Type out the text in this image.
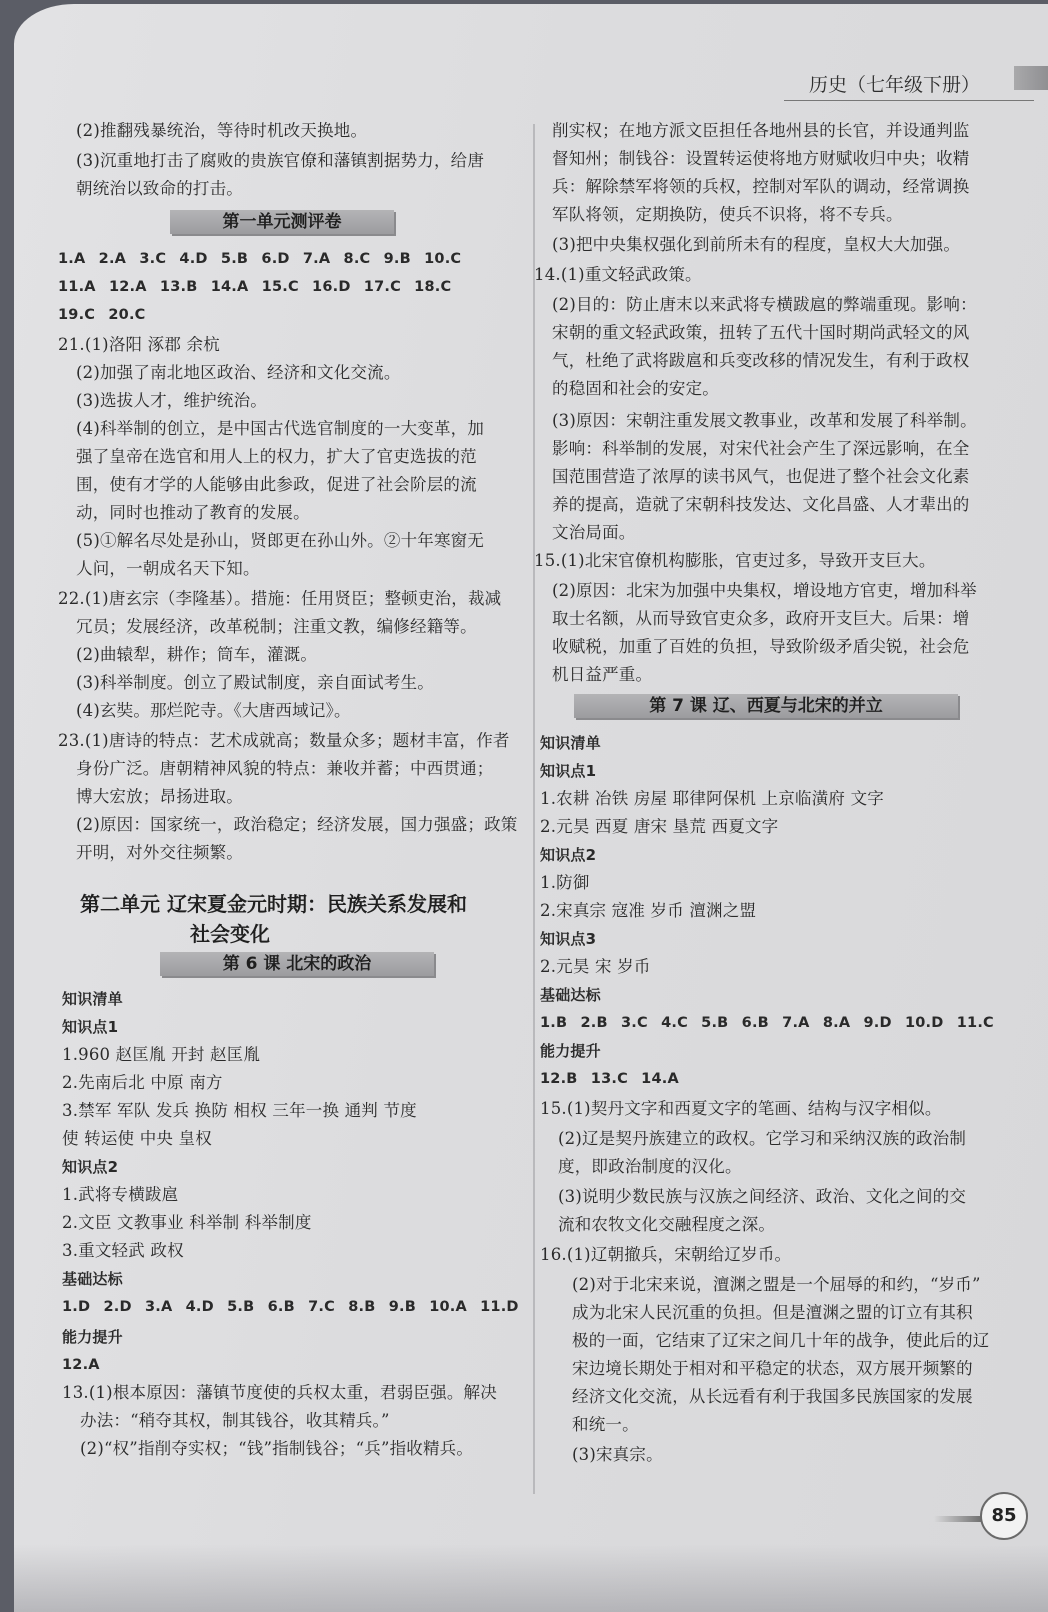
历史（七年级下册）
(2)推翻残暴统治，等待时机改天换地。
(3)沉重地打击了腐败的贵族官僚和藩镇割据势力，给唐
朝统治以致命的打击。
第一单元测评卷
1.A 2.A 3.C 4.D 5.B 6.D 7.A 8.C 9.B 10.C
11.A 12.A 13.B 14.A 15.C 16.D 17.C 18.C
19.C 20.C
21.(1)洛阳 涿郡 余杭
(2)加强了南北地区政治、经济和文化交流。
(3)选拔人才，维护统治。
(4)科举制的创立，是中国古代选官制度的一大变革，加
强了皇帝在选官和用人上的权力，扩大了官吏选拔的范
围，使有才学的人能够由此参政，促进了社会阶层的流
动，同时也推动了教育的发展。
(5)①解名尽处是孙山，贤郎更在孙山外。②十年寒窗无
人问，一朝成名天下知。
22.(1)唐玄宗（李隆基）。措施：任用贤臣；整顿吏治，裁减
冗员；发展经济，改革税制；注重文教，编修经籍等。
(2)曲辕犁，耕作；筒车，灌溉。
(3)科举制度。创立了殿试制度，亲自面试考生。
(4)玄奘。那烂陀寺。《大唐西域记》。
23.(1)唐诗的特点：艺术成就高；数量众多；题材丰富，作者
身份广泛。唐朝精神风貌的特点：兼收并蓄；中西贯通；
博大宏放；昂扬进取。
(2)原因：国家统一，政治稳定；经济发展，国力强盛；政策
开明，对外交往频繁。
第二单元 辽宋夏金元时期：民族关系发展和
社会变化
第 6 课 北宋的政治
知识清单
知识点1
1.960 赵匡胤 开封 赵匡胤
2.先南后北 中原 南方
3.禁军 军队 发兵 换防 相权 三年一换 通判 节度
使 转运使 中央 皇权
知识点2
1.武将专横跋扈
2.文臣 文教事业 科举制 科举制度
3.重文轻武 政权
基础达标
1.D 2.D 3.A 4.D 5.B 6.B 7.C 8.B 9.B 10.A 11.D
能力提升
12.A
13.(1)根本原因：藩镇节度使的兵权太重，君弱臣强。解决
办法：“稍夺其权，制其钱谷，收其精兵。”
(2)“权”指削夺实权；“钱”指制钱谷；“兵”指收精兵。
削实权；在地方派文臣担任各地州县的长官，并设通判监
督知州；制钱谷：设置转运使将地方财赋收归中央；收精
兵：解除禁军将领的兵权，控制对军队的调动，经常调换
军队将领，定期换防，使兵不识将，将不专兵。
(3)把中央集权强化到前所未有的程度，皇权大大加强。
14.(1)重文轻武政策。
(2)目的：防止唐末以来武将专横跋扈的弊端重现。影响：
宋朝的重文轻武政策，扭转了五代十国时期尚武轻文的风
气，杜绝了武将跋扈和兵变改移的情况发生，有利于政权
的稳固和社会的安定。
(3)原因：宋朝注重发展文教事业，改革和发展了科举制。
影响：科举制的发展，对宋代社会产生了深远影响，在全
国范围营造了浓厚的读书风气，也促进了整个社会文化素
养的提高，造就了宋朝科技发达、文化昌盛、人才辈出的
文治局面。
15.(1)北宋官僚机构膨胀，官吏过多，导致开支巨大。
(2)原因：北宋为加强中央集权，增设地方官吏，增加科举
取士名额，从而导致官吏众多，政府开支巨大。后果：增
收赋税，加重了百姓的负担，导致阶级矛盾尖锐，社会危
机日益严重。
第 7 课 辽、西夏与北宋的并立
知识清单
知识点1
1.农耕 冶铁 房屋 耶律阿保机 上京临潢府 文字
2.元昊 西夏 唐宋 垦荒 西夏文字
知识点2
1.防御
2.宋真宗 寇准 岁币 澶渊之盟
知识点3
2.元昊 宋 岁币
基础达标
1.B 2.B 3.C 4.C 5.B 6.B 7.A 8.A 9.D 10.D 11.C
能力提升
12.B 13.C 14.A
15.(1)契丹文字和西夏文字的笔画、结构与汉字相似。
(2)辽是契丹族建立的政权。它学习和采纳汉族的政治制
度，即政治制度的汉化。
(3)说明少数民族与汉族之间经济、政治、文化之间的交
流和农牧文化交融程度之深。
16.(1)辽朝撤兵，宋朝给辽岁币。
(2)对于北宋来说，澶渊之盟是一个屈辱的和约，“岁币”
成为北宋人民沉重的负担。但是澶渊之盟的订立有其积
极的一面，它结束了辽宋之间几十年的战争，使此后的辽
宋边境长期处于相对和平稳定的状态，双方展开频繁的
经济文化交流，从长远看有利于我国多民族国家的发展
和统一。
(3)宋真宗。
85
